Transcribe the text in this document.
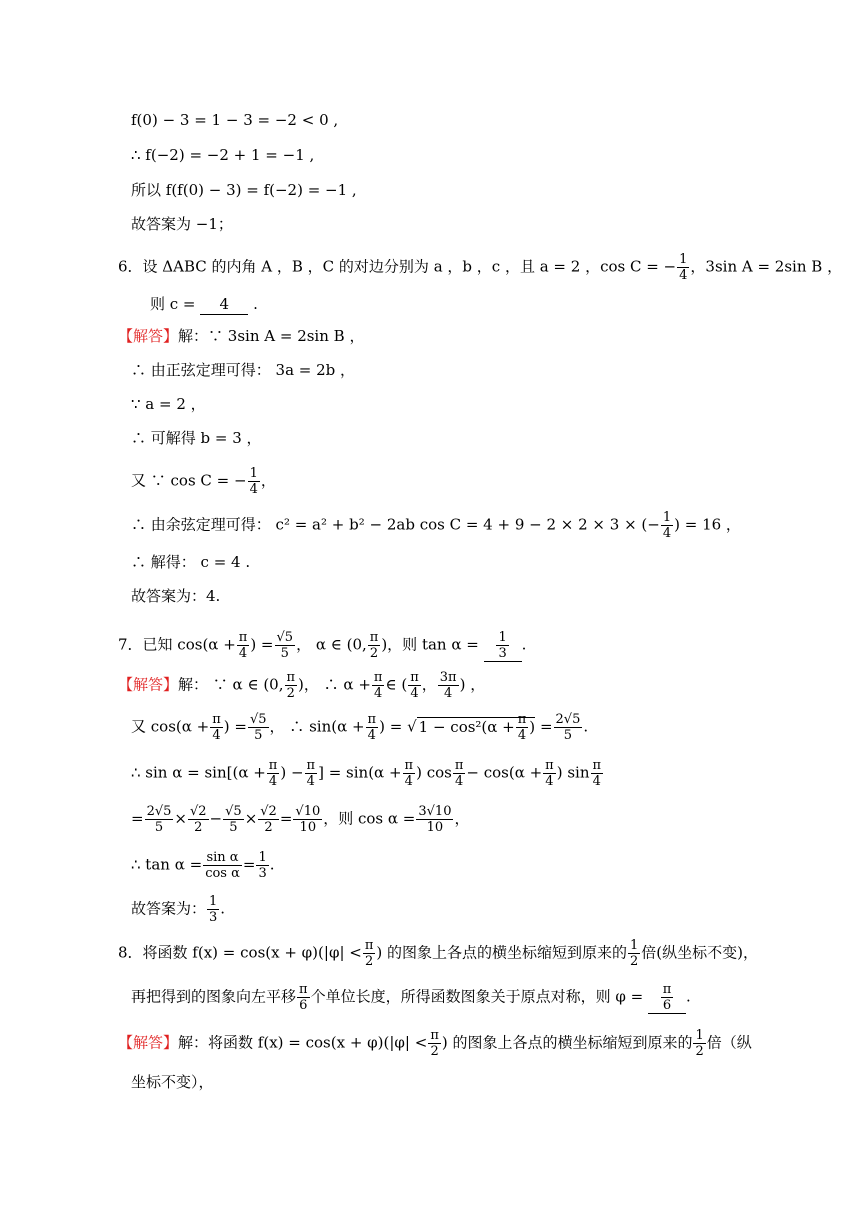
f(0) − 3 = 1 − 3 = −2 < 0 ,
∴ f(−2) = −2 + 1 = −1 ,
所以 f(f(0) − 3) = f(−2) = −1 ,
故答案为 −1；
6．设 ΔABC 的内角 A ，B ，C 的对边分别为 a ，b ，c ，且 a = 2 ，cos C = − $\frac{1}{4}$ ，3sin A = 2sin B ，
则 c = 4 .
【解答】解：∵ 3sin A = 2sin B ，
∴ 由正弦定理可得： 3a = 2b ，
∵ a = 2 ，
∴ 可解得 b = 3 ，
又 ∵ cos C = − $\frac{1}{4}$ ，
∴ 由余弦定理可得： c² = a² + b² − 2ab cos C = 4 + 9 − 2 × 2 × 3 × (− $\frac{1}{4}$ ) = 16 ，
∴ 解得： c = 4 .
故答案为：4.
7．已知 $\cos(\alpha + \frac{\pi}{4}$ ) = $\frac{√5}{5}$ ， α ∈ (0, $\frac{\pi}{2}$ )，则 $\tan \alpha = \frac{1}{3}$ .
【解答】解： ∵ α ∈ (0, $\frac{\pi}{2}$ )， ∴ $\alpha + \frac{\pi}{4}$ ∈ ( $\frac{\pi}{4}$ ， $\frac{3\pi}{4}$ ) ，
又 $\cos(\alpha + \frac{\pi}{4}$ ) = $\frac{√5}{5}$ ， ∴ $\sin(\alpha + \frac{\pi}{4}$ ) = √ $1 - \cos^2(\alpha + \frac{\pi}{4}$ ) = $\frac{2√5}{5}$ .
∴ $\sin \alpha = \sin[(\alpha + \frac{\pi}{4}$ ) − $\frac{\pi}{4}$ ] = $\sin(\alpha + \frac{\pi}{4}$ ) $\cos \frac{\pi}{4} - \cos(\alpha + \frac{\pi}{4}$ ) $\sin \frac{\pi}{4}$
= $\frac{2√5}{5} \times \frac{√2}{2} - \frac{√5}{5} \times \frac{√2}{2} = \frac{√10}{10}$ ，则 $\cos \alpha = \frac{3√10}{10}$ ，
∴ $\tan \alpha = \frac{\text{sin α}}{\text{cos α}} = \frac{1}{3}$ .
故答案为： $\frac{1}{3}$ .
8．将函数 $f(x) = \cos(x + \varphi)(|\varphi| < \frac{\pi}{2}$ ) 的图象上各点的横坐标缩短到原来的 $\frac{1}{2}$ 倍(纵坐标不变)，
再把得到的图象向左平移 $\frac{\pi}{6}$ 个单位长度，所得函数图象关于原点对称，则 $\varphi = \frac{\pi}{6}$ .
【解答】解：将函数 $f(x) = \cos(x + \varphi)(|\varphi| < \frac{\pi}{2}$ ) 的图象上各点的横坐标缩短到原来的 $\frac{1}{2}$ 倍（纵
坐标不变），
